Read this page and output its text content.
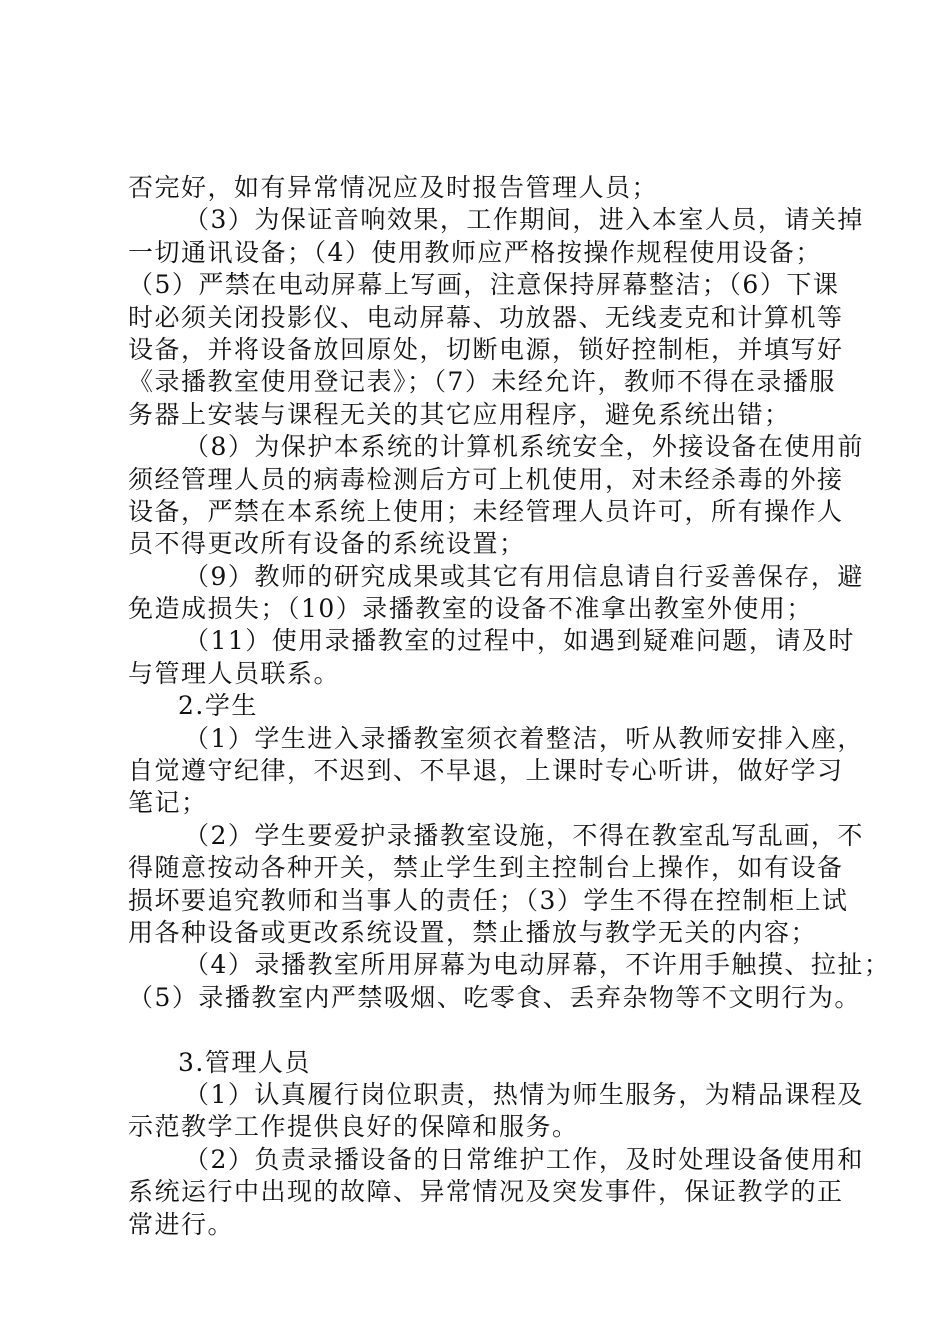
否完好，如有异常情况应及时报告管理人员；
（3）为保证音响效果，工作期间，进入本室人员，请关掉
一切通讯设备；（4）使用教师应严格按操作规程使用设备；
（5）严禁在电动屏幕上写画，注意保持屏幕整洁；（6）下课
时必须关闭投影仪、电动屏幕、功放器、无线麦克和计算机等
设备，并将设备放回原处，切断电源，锁好控制柜，并填写好
《录播教室使用登记表》；（7）未经允许，教师不得在录播服
务器上安装与课程无关的其它应用程序，避免系统出错；
（8）为保护本系统的计算机系统安全，外接设备在使用前
须经管理人员的病毒检测后方可上机使用，对未经杀毒的外接
设备，严禁在本系统上使用；未经管理人员许可，所有操作人
员不得更改所有设备的系统设置；
（9）教师的研究成果或其它有用信息请自行妥善保存，避
免造成损失；（10）录播教室的设备不准拿出教室外使用；
（11）使用录播教室的过程中，如遇到疑难问题，请及时
与管理人员联系。
2.学生
（1）学生进入录播教室须衣着整洁，听从教师安排入座，
自觉遵守纪律，不迟到、不早退，上课时专心听讲，做好学习
笔记；
（2）学生要爱护录播教室设施，不得在教室乱写乱画，不
得随意按动各种开关，禁止学生到主控制台上操作，如有设备
损坏要追究教师和当事人的责任；（3）学生不得在控制柜上试
用各种设备或更改系统设置，禁止播放与教学无关的内容；
（4）录播教室所用屏幕为电动屏幕，不许用手触摸、拉扯；
（5）录播教室内严禁吸烟、吃零食、丢弃杂物等不文明行为。
3.管理人员
（1）认真履行岗位职责，热情为师生服务，为精品课程及
示范教学工作提供良好的保障和服务。
（2）负责录播设备的日常维护工作，及时处理设备使用和
系统运行中出现的故障、异常情况及突发事件，保证教学的正
常进行。
